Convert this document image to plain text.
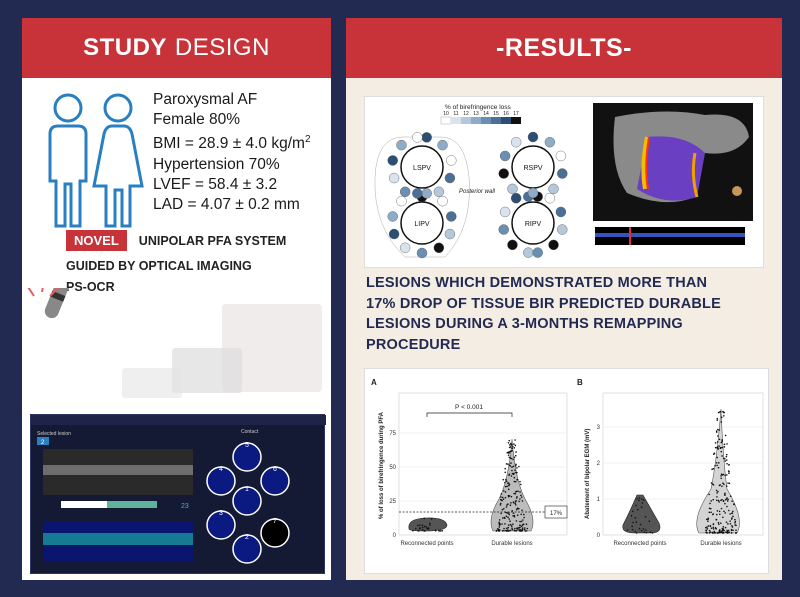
STUDY DESIGN
Paroxysmal AF
Female 80%
BMI = 28.9 ± 4.0 $kg/m^2$
Hypertension 70%
LVEF = 58.4 ± 3.2
LAD = 4.07 ± 0.2 mm
NOVEL	UNIPOLAR PFA SYSTEM
GUIDED BY OPTICAL IMAGING
PS-OCR
Selected lesion
2
23
Contact
5
4	6
1
3
2
7
-RESULTS-
% of birefringence loss
10 11 12 13 14 15 16 17
LSPV
LIPV
RSPV
RIPV
Posterior wall
LESIONS WHICH DEMONSTRATED MORE THAN
17% DROP OF TISSUE BIR PREDICTED DURABLE
LESIONS DURING A 3-MONTHS REMAPPING
PROCEDURE
A
% of loss of birefringence during PFA
0
25
50
75
P < 0.001
17%
Reconnected points	Durable lesions
B
Abatement of bipolar EGM (mV)
0
1
2
3
Reconnected points	Durable lesions
